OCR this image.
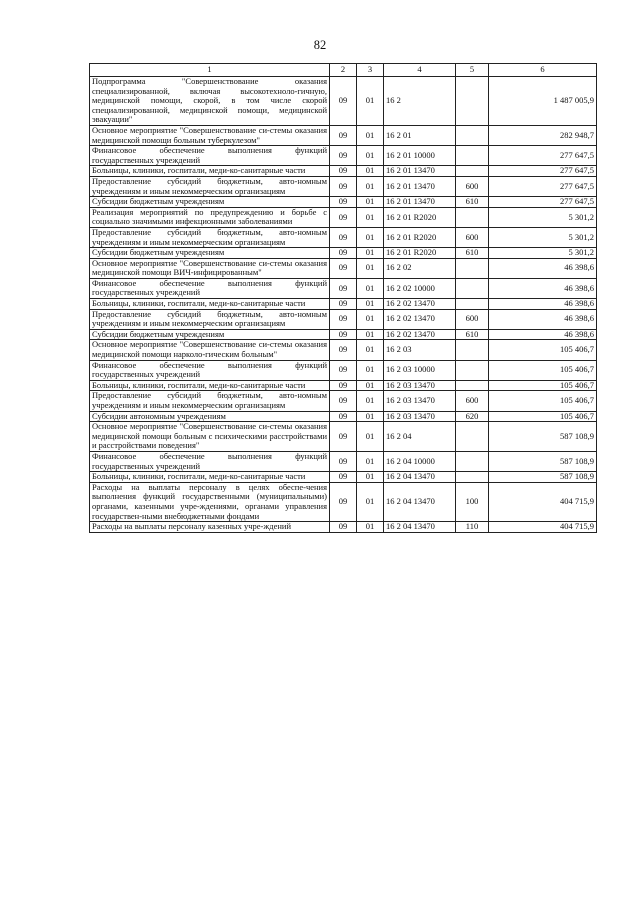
82
1	2	3	4	5	6
Подпрограмма "Совершенствование оказания специализированной, включая высокотехноло-гичную, медицинской помощи, скорой, в том числе скорой специализированной, медицинской помощи, медицинской эвакуации"	09	01	16 2		1 487 005,9
Основное мероприятие "Совершенствование си-стемы оказания медицинской помощи больным туберкулезом"	09	01	16 2 01		282 948,7
Финансовое обеспечение выполнения функций государственных учреждений	09	01	16 2 01 10000		277 647,5
Больницы, клиники, госпитали, меди-ко-санитарные части	09	01	16 2 01 13470		277 647,5
Предоставление субсидий бюджетным, авто-номным учреждениям и иным некоммерческим организациям	09	01	16 2 01 13470	600	277 647,5
Субсидии бюджетным учреждениям	09	01	16 2 01 13470	610	277 647,5
Реализация мероприятий по предупреждению и борьбе с социально значимыми инфекционными заболеваниями	09	01	16 2 01 R2020		5 301,2
Предоставление субсидий бюджетным, авто-номным учреждениям и иным некоммерческим организациям	09	01	16 2 01 R2020	600	5 301,2
Субсидии бюджетным учреждениям	09	01	16 2 01 R2020	610	5 301,2
Основное мероприятие "Совершенствование си-стемы оказания медицинской помощи ВИЧ-инфицированным"	09	01	16 2 02		46 398,6
Финансовое обеспечение выполнения функций государственных учреждений	09	01	16 2 02 10000		46 398,6
Больницы, клиники, госпитали, меди-ко-санитарные части	09	01	16 2 02 13470		46 398,6
Предоставление субсидий бюджетным, авто-номным учреждениям и иным некоммерческим организациям	09	01	16 2 02 13470	600	46 398,6
Субсидии бюджетным учреждениям	09	01	16 2 02 13470	610	46 398,6
Основное мероприятие "Совершенствование си-стемы оказания медицинской помощи нарколо-гическим больным"	09	01	16 2 03		105 406,7
Финансовое обеспечение выполнения функций государственных учреждений	09	01	16 2 03 10000		105 406,7
Больницы, клиники, госпитали, меди-ко-санитарные части	09	01	16 2 03 13470		105 406,7
Предоставление субсидий бюджетным, авто-номным учреждениям и иным некоммерческим организациям	09	01	16 2 03 13470	600	105 406,7
Субсидии автономным учреждениям	09	01	16 2 03 13470	620	105 406,7
Основное мероприятие "Совершенствование си-стемы оказания медицинской помощи больным с психическими расстройствами и расстройствами поведения"	09	01	16 2 04		587 108,9
Финансовое обеспечение выполнения функций государственных учреждений	09	01	16 2 04 10000		587 108,9
Больницы, клиники, госпитали, меди-ко-санитарные части	09	01	16 2 04 13470		587 108,9
Расходы на выплаты персоналу в целях обеспе-чения выполнения функций государственными (муниципальными) органами, казенными учре-ждениями, органами управления государствен-ными внебюджетными фондами	09	01	16 2 04 13470	100	404 715,9
Расходы на выплаты персоналу казенных учре-ждений	09	01	16 2 04 13470	110	404 715,9
